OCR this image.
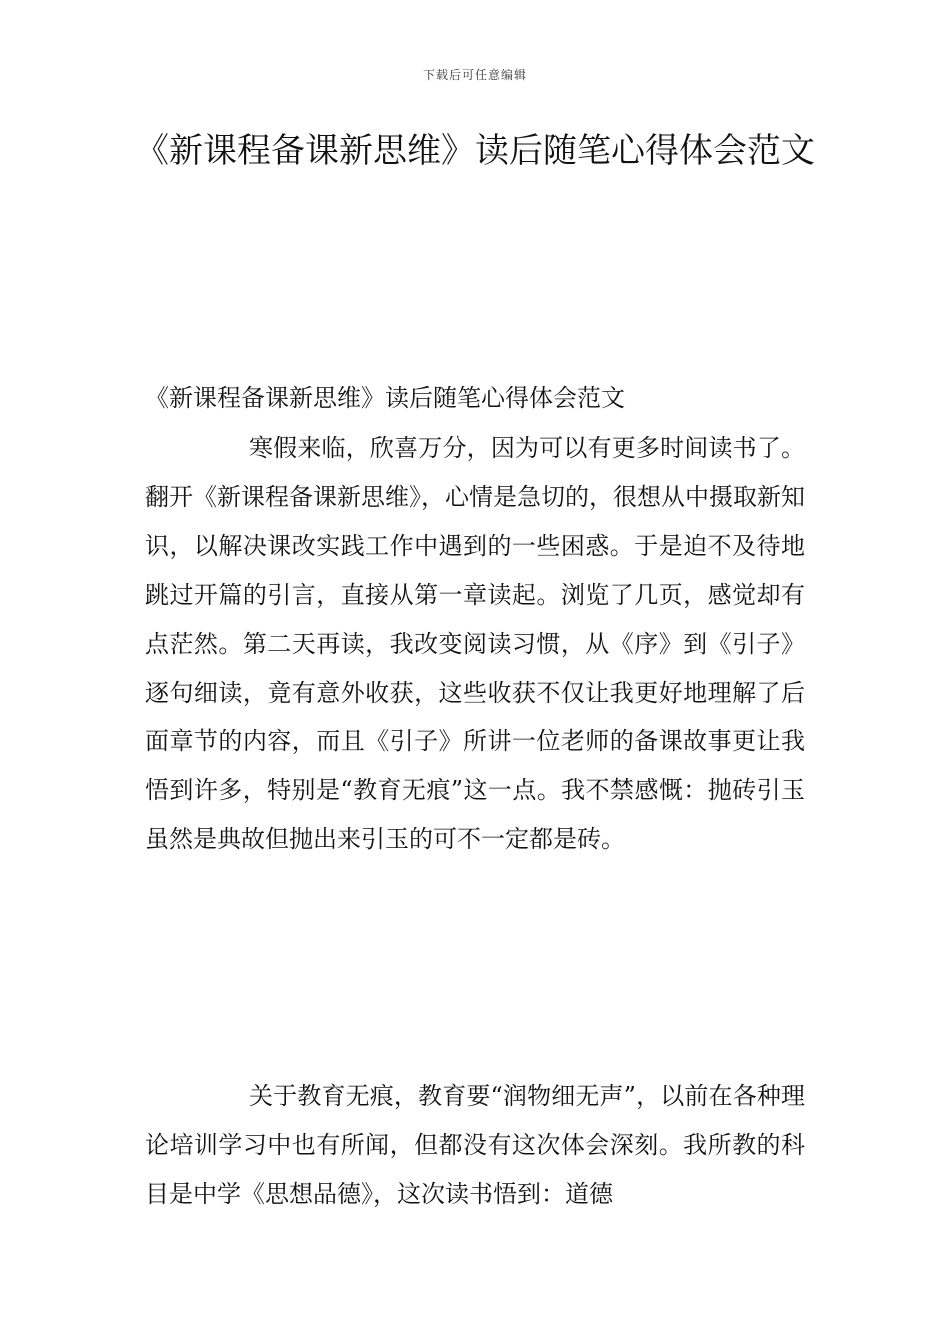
下载后可任意编辑
《新课程备课新思维》读后随笔心得体会范文
《新课程备课新思维》读后随笔心得体会范文
寒假来临，欣喜万分，因为可以有更多时间读书了。翻开《新课程备课新思维》，心情是急切的，很想从中摄取新知识，以解决课改实践工作中遇到的一些困惑。于是迫不及待地跳过开篇的引言，直接从第一章读起。浏览了几页，感觉却有点茫然。第二天再读，我改变阅读习惯，从《序》到《引子》逐句细读，竟有意外收获，这些收获不仅让我更好地理解了后面章节的内容，而且《引子》所讲一位老师的备课故事更让我悟到许多，特别是“教育无痕”这一点。我不禁感慨：抛砖引玉虽然是典故但抛出来引玉的可不一定都是砖。
关于教育无痕，教育要“润物细无声”，以前在各种理论培训学习中也有所闻，但都没有这次体会深刻。我所教的科目是中学《思想品德》，这次读书悟到：道德
